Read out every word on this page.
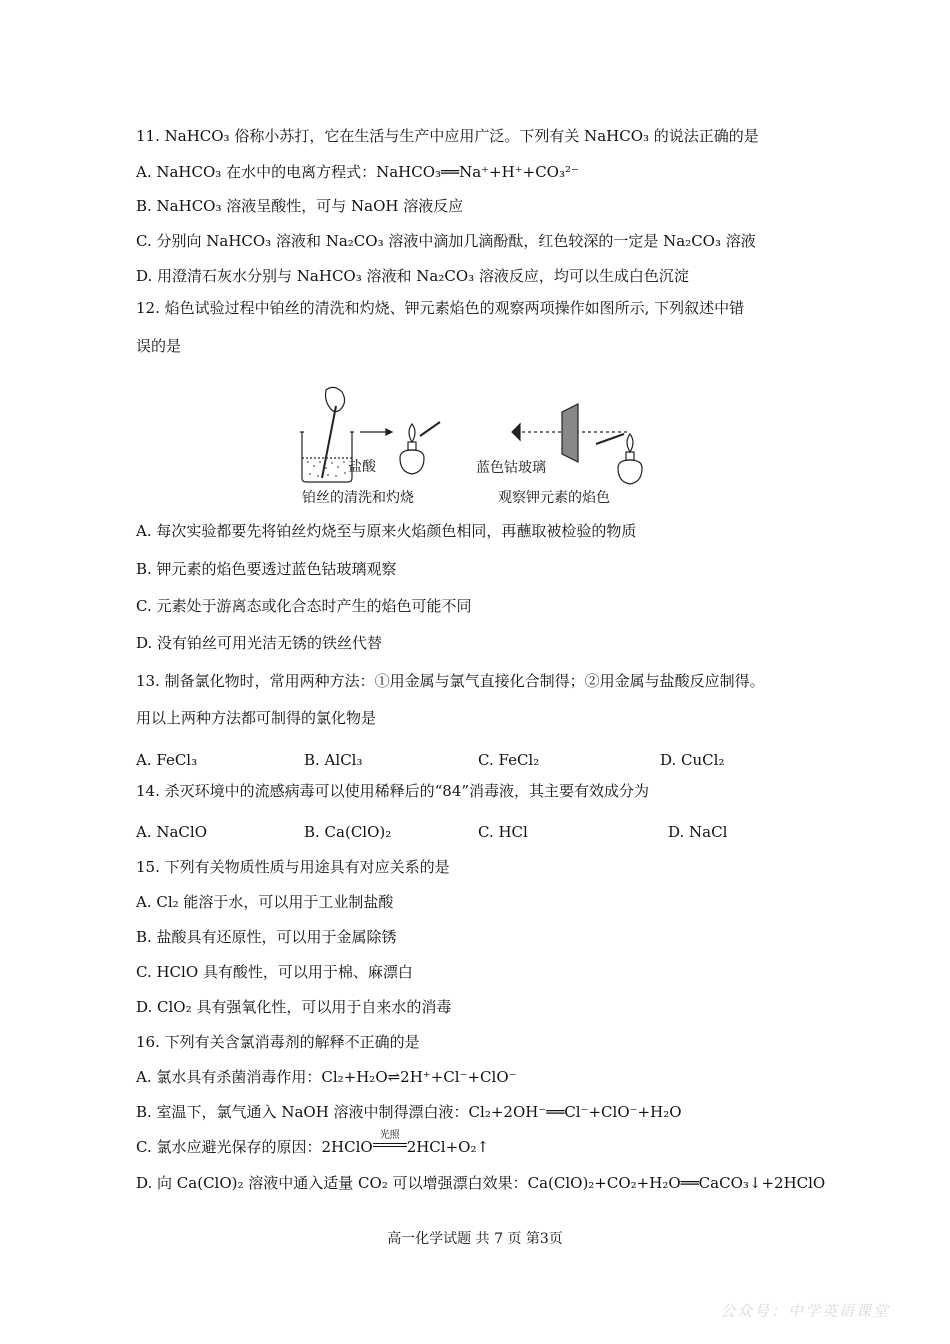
11. NaHCO₃ 俗称小苏打，它在生活与生产中应用广泛。下列有关 NaHCO₃ 的说法正确的是
A. NaHCO₃ 在水中的电离方程式：NaHCO₃══Na⁺+H⁺+CO₃²⁻
B. NaHCO₃ 溶液呈酸性，可与 NaOH 溶液反应
C. 分别向 NaHCO₃ 溶液和 Na₂CO₃ 溶液中滴加几滴酚酞，红色较深的一定是 Na₂CO₃ 溶液
D. 用澄清石灰水分别与 NaHCO₃ 溶液和 Na₂CO₃ 溶液反应，均可以生成白色沉淀
12. 焰色试验过程中铂丝的清洗和灼烧、钾元素焰色的观察两项操作如图所示, 下列叙述中错
误的是
盐酸	蓝色钴玻璃
铂丝的清洗和灼烧	观察钾元素的焰色
A. 每次实验都要先将铂丝灼烧至与原来火焰颜色相同，再蘸取被检验的物质
B. 钾元素的焰色要透过蓝色钴玻璃观察
C. 元素处于游离态或化合态时产生的焰色可能不同
D. 没有铂丝可用光洁无锈的铁丝代替
13. 制备氯化物时，常用两种方法：①用金属与氯气直接化合制得；②用金属与盐酸反应制得。
用以上两种方法都可制得的氯化物是
A. FeCl₃	B. AlCl₃	C. FeCl₂	D. CuCl₂
14. 杀灭环境中的流感病毒可以使用稀释后的“84”消毒液，其主要有效成分为
A. NaClO	B. Ca(ClO)₂	C. HCl	D. NaCl
15. 下列有关物质性质与用途具有对应关系的是
A. Cl₂ 能溶于水，可以用于工业制盐酸
B. 盐酸具有还原性，可以用于金属除锈
C. HClO 具有酸性，可以用于棉、麻漂白
D. ClO₂ 具有强氧化性，可以用于自来水的消毒
16. 下列有关含氯消毒剂的解释不正确的是
A. 氯水具有杀菌消毒作用：Cl₂+H₂O⇌2H⁺+Cl⁻+ClO⁻
B. 室温下，氯气通入 NaOH 溶液中制得漂白液：Cl₂+2OH⁻══Cl⁻+ClO⁻+H₂O
C. 氯水应避光保存的原因：2HClO
光照
2HCl+O₂↑
D. 向 Ca(ClO)₂ 溶液中通入适量 CO₂ 可以增强漂白效果：Ca(ClO)₂+CO₂+H₂O══CaCO₃↓+2HClO
高一化学试题 共 7 页 第3页
公众号：中学英语课堂
